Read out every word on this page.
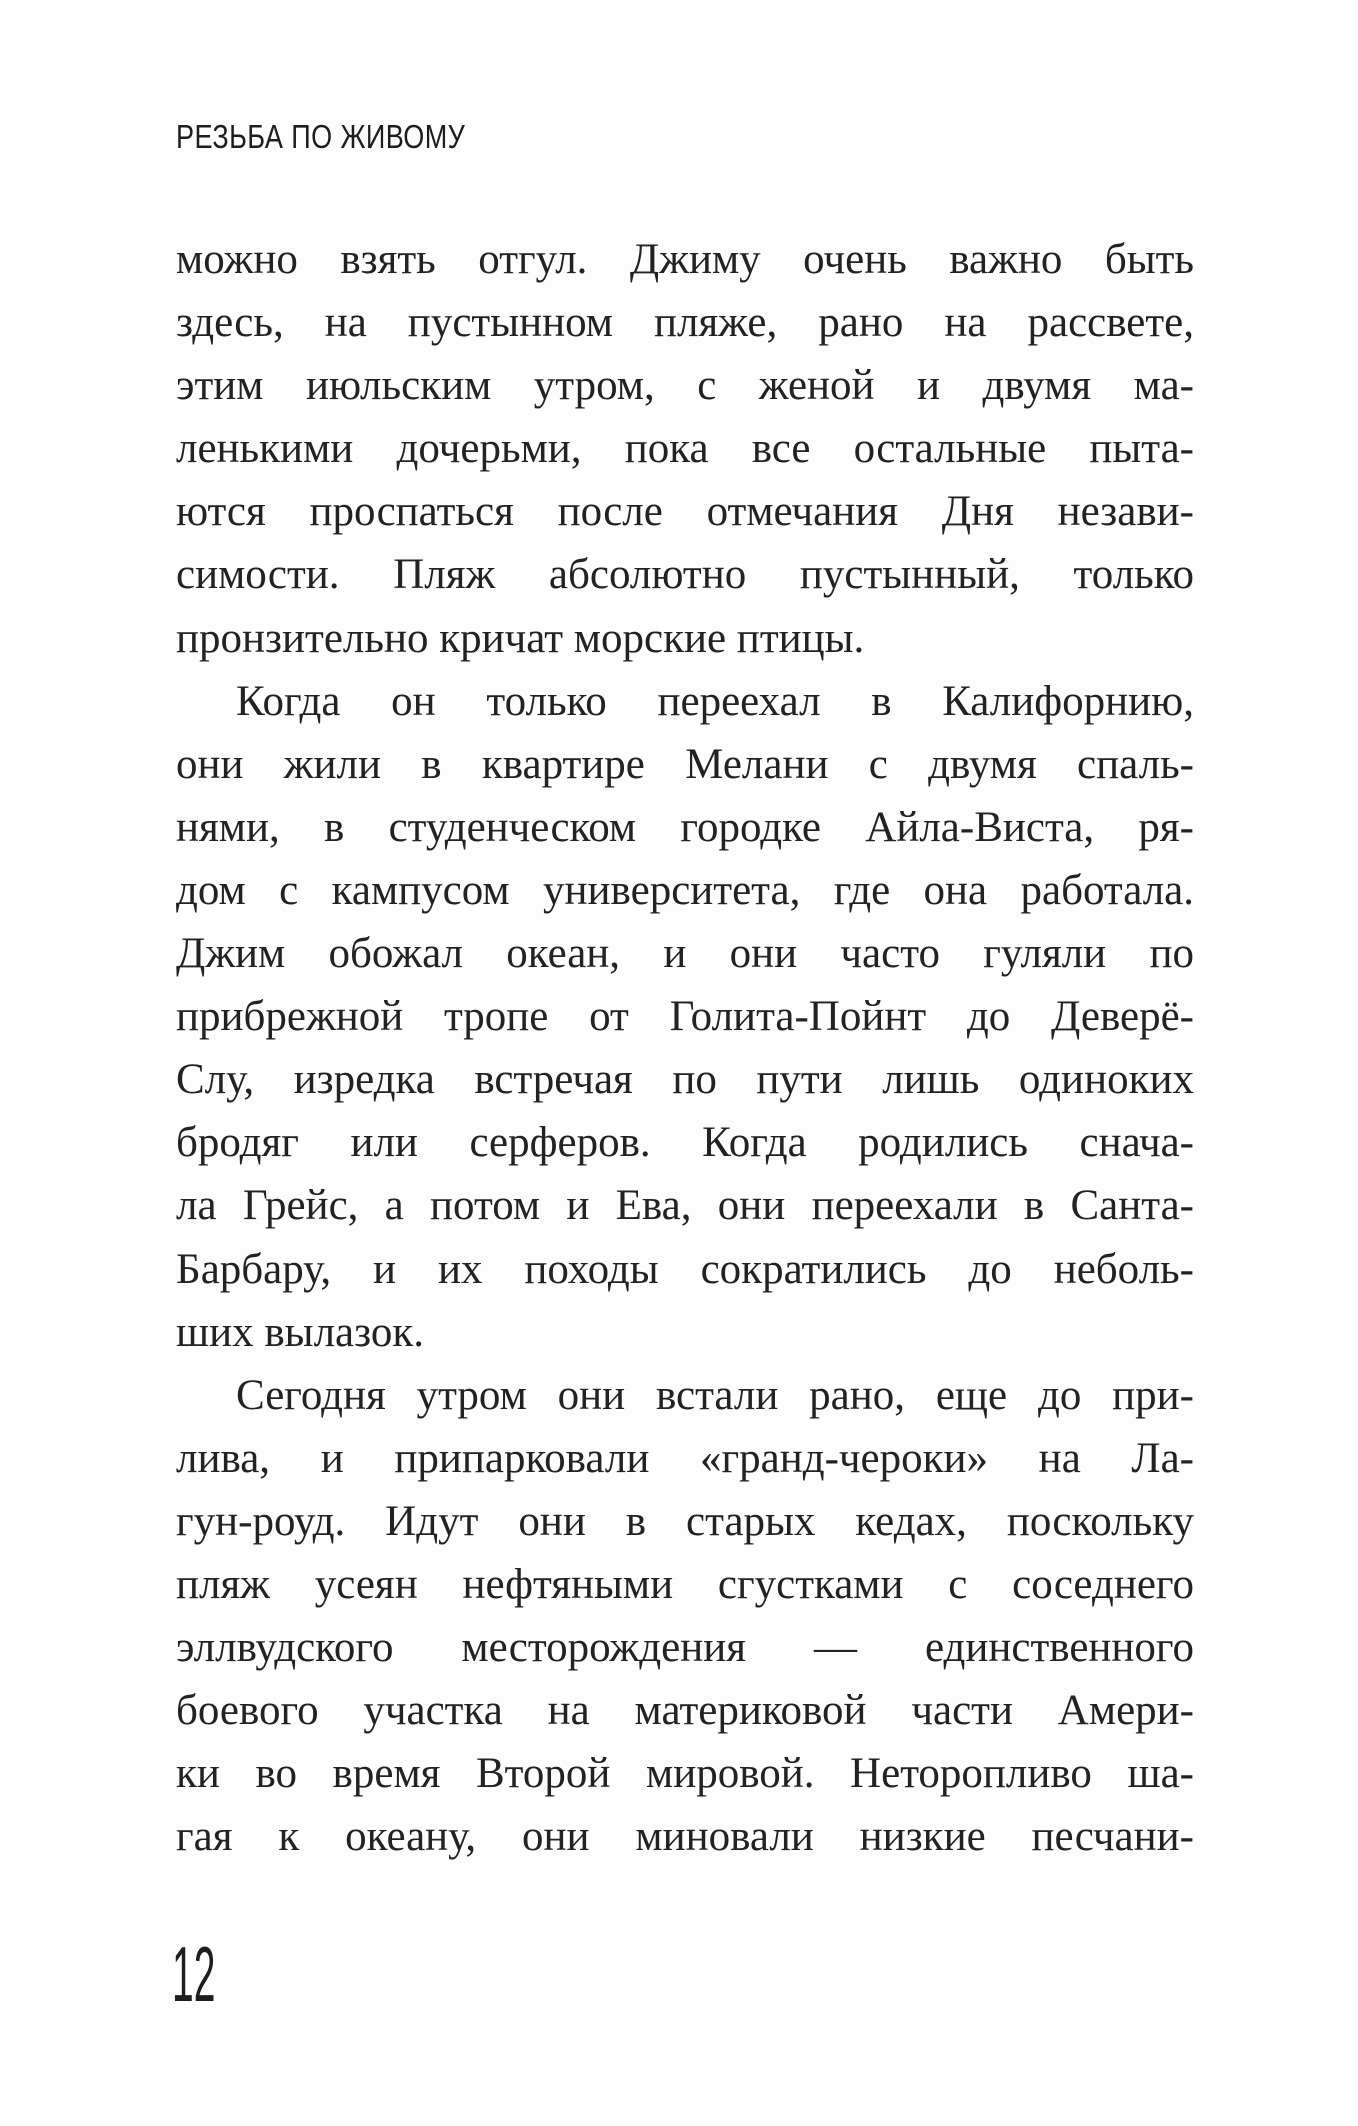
РЕЗЬБА ПО ЖИВОМУ
можно взять отгул. Джиму очень важно быть
здесь, на пустынном пляже, рано на рассвете,
этим июльским утром, с женой и двумя ма-
ленькими дочерьми, пока все остальные пыта-
ются проспаться после отмечания Дня незави-
симости. Пляж абсолютно пустынный, только
пронзительно кричат морские птицы.
Когда он только переехал в Калифорнию,
они жили в квартире Мелани с двумя спаль-
нями, в студенческом городке Айла-Виста, ря-
дом с кампусом университета, где она работала.
Джим обожал океан, и они часто гуляли по
прибрежной тропе от Голита-Пойнт до Деверё-
Слу, изредка встречая по пути лишь одиноких
бродяг или серферов. Когда родились снача-
ла Грейс, а потом и Ева, они переехали в Санта-
Барбару, и их походы сократились до неболь-
ших вылазок.
Сегодня утром они встали рано, еще до при-
лива, и припарковали «гранд-чероки» на Ла-
гун-роуд. Идут они в старых кедах, поскольку
пляж усеян нефтяными сгустками с соседнего
эллвудского месторождения — единственного
боевого участка на материковой части Амери-
ки во время Второй мировой. Неторопливо ша-
гая к океану, они миновали низкие песчани-
12
